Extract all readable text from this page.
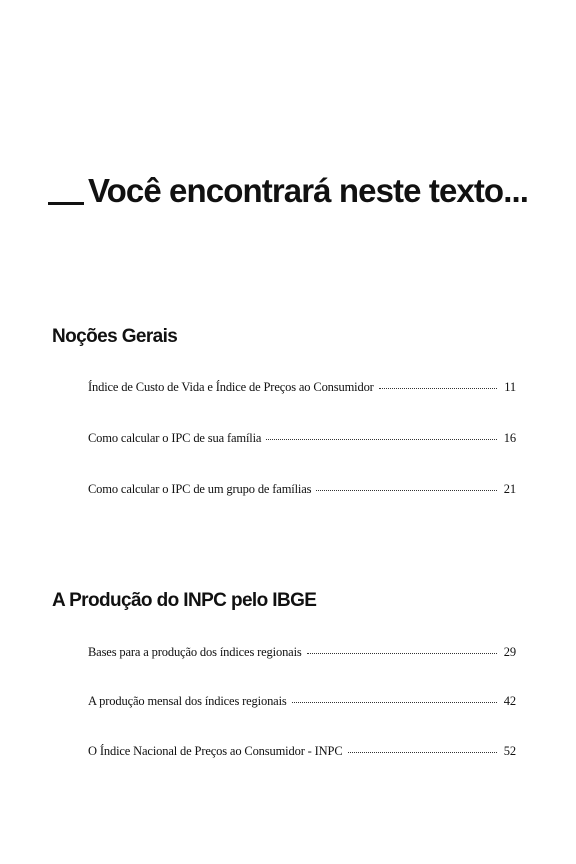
Você encontrará neste texto...
Noções Gerais
Índice de Custo de Vida e Índice de Preços ao Consumidor	11
Como calcular o IPC de sua família	16
Como calcular o IPC de um grupo de famílias	21
A Produção do INPC pelo IBGE
Bases para a produção dos índices regionais	29
A produção mensal dos índices regionais	42
O Índice Nacional de Preços ao Consumidor - INPC	52
